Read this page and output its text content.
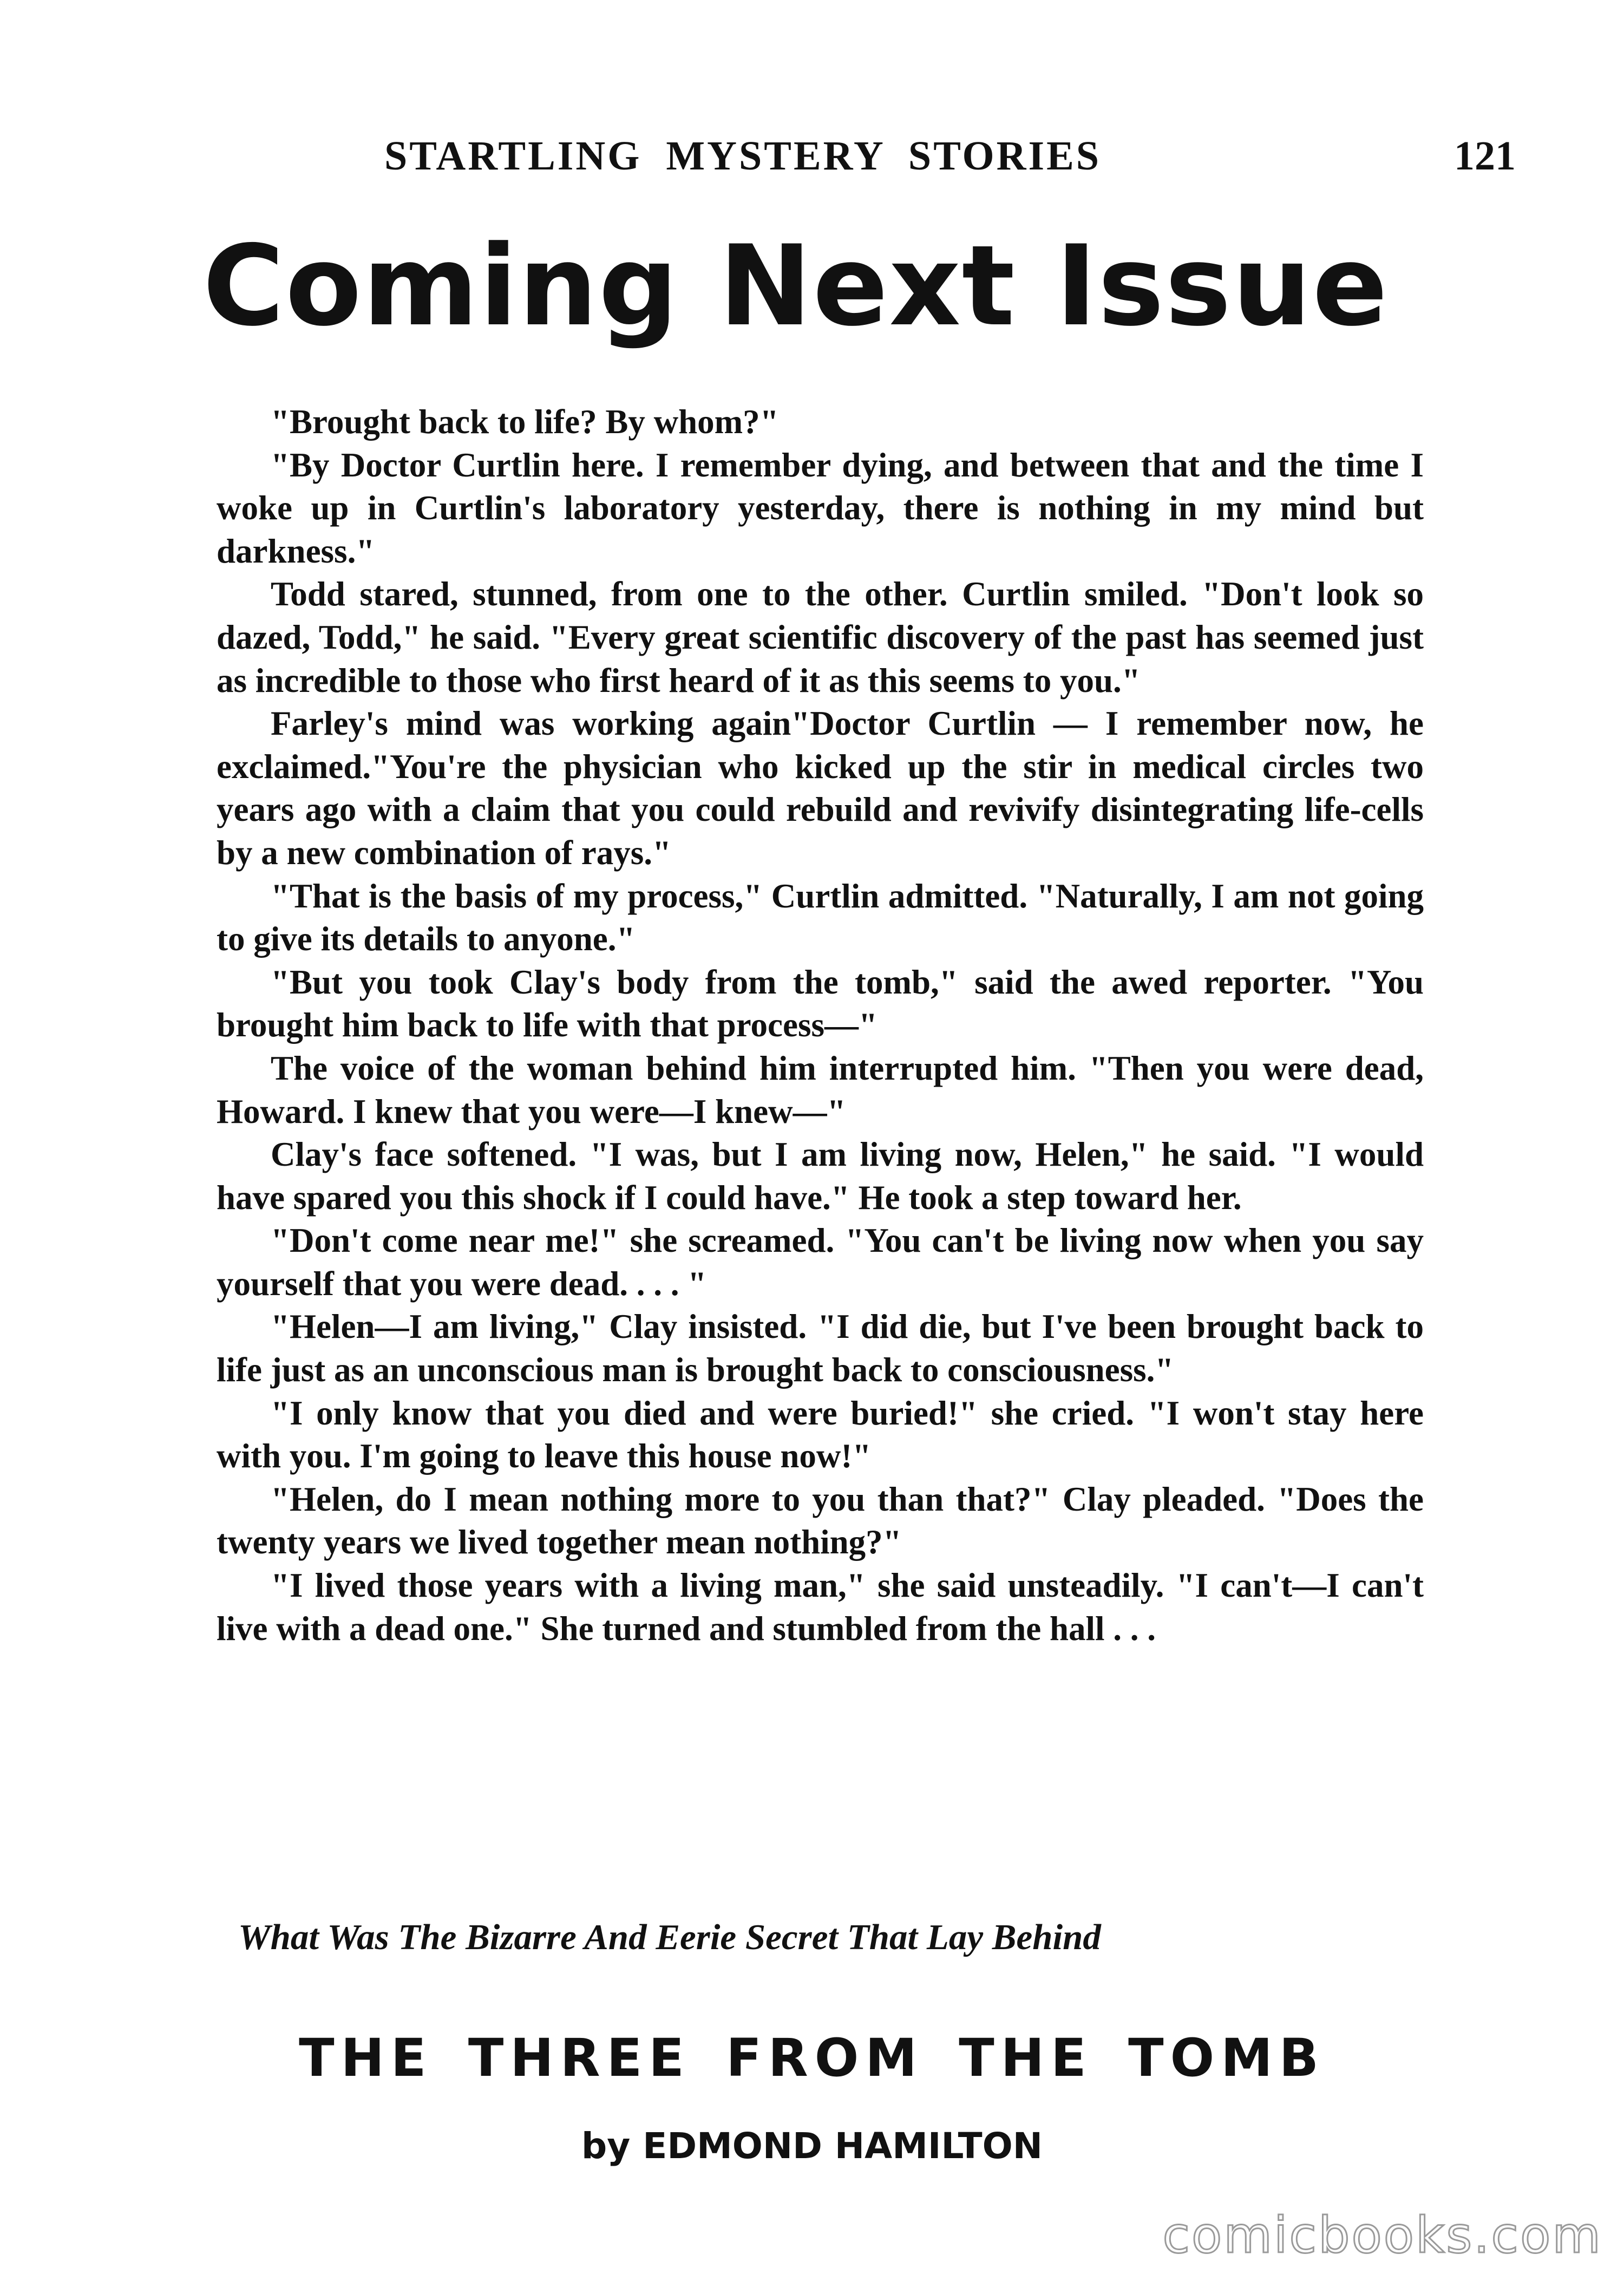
STARTLING MYSTERY STORIES	121
Coming Next Issue

"Brought back to life? By whom?"

"By Doctor Curtlin here. I remember dying, and between that and the time I woke up in Curtlin's laboratory yesterday, there is nothing in my mind but darkness."

Todd stared, stunned, from one to the other. Curtlin smiled. "Don't look so dazed, Todd," he said. "Every great scientific discovery of the past has seemed just as incredible to those who first heard of it as this seems to you."

Farley's mind was working again"Doctor Curtlin — I remember now, he exclaimed."You're the physician who kicked up the stir in medical circles two years ago with a claim that you could rebuild and revivify disintegrating life-cells by a new combination of rays."

"That is the basis of my process," Curtlin admitted. "Naturally, I am not going to give its details to anyone."

"But you took Clay's body from the tomb," said the awed reporter. "You brought him back to life with that process—"

The voice of the woman behind him interrupted him. "Then you were dead, Howard. I knew that you were—I knew—"

Clay's face softened. "I was, but I am living now, Helen," he said. "I would have spared you this shock if I could have." He took a step toward her.

"Don't come near me!" she screamed. "You can't be living now when you say yourself that you were dead. . . . "

"Helen—I am living," Clay insisted. "I did die, but I've been brought back to life just as an unconscious man is brought back to consciousness."

"I only know that you died and were buried!" she cried. "I won't stay here with you. I'm going to leave this house now!"

"Helen, do I mean nothing more to you than that?" Clay pleaded. "Does the twenty years we lived together mean nothing?"

"I lived those years with a living man," she said unsteadily. "I can't—I can't live with a dead one." She turned and stumbled from the hall . . .

What Was The Bizarre And Eerie Secret That Lay Behind
THE THREE FROM THE TOMB
by EDMOND HAMILTON
comicbooks.com
